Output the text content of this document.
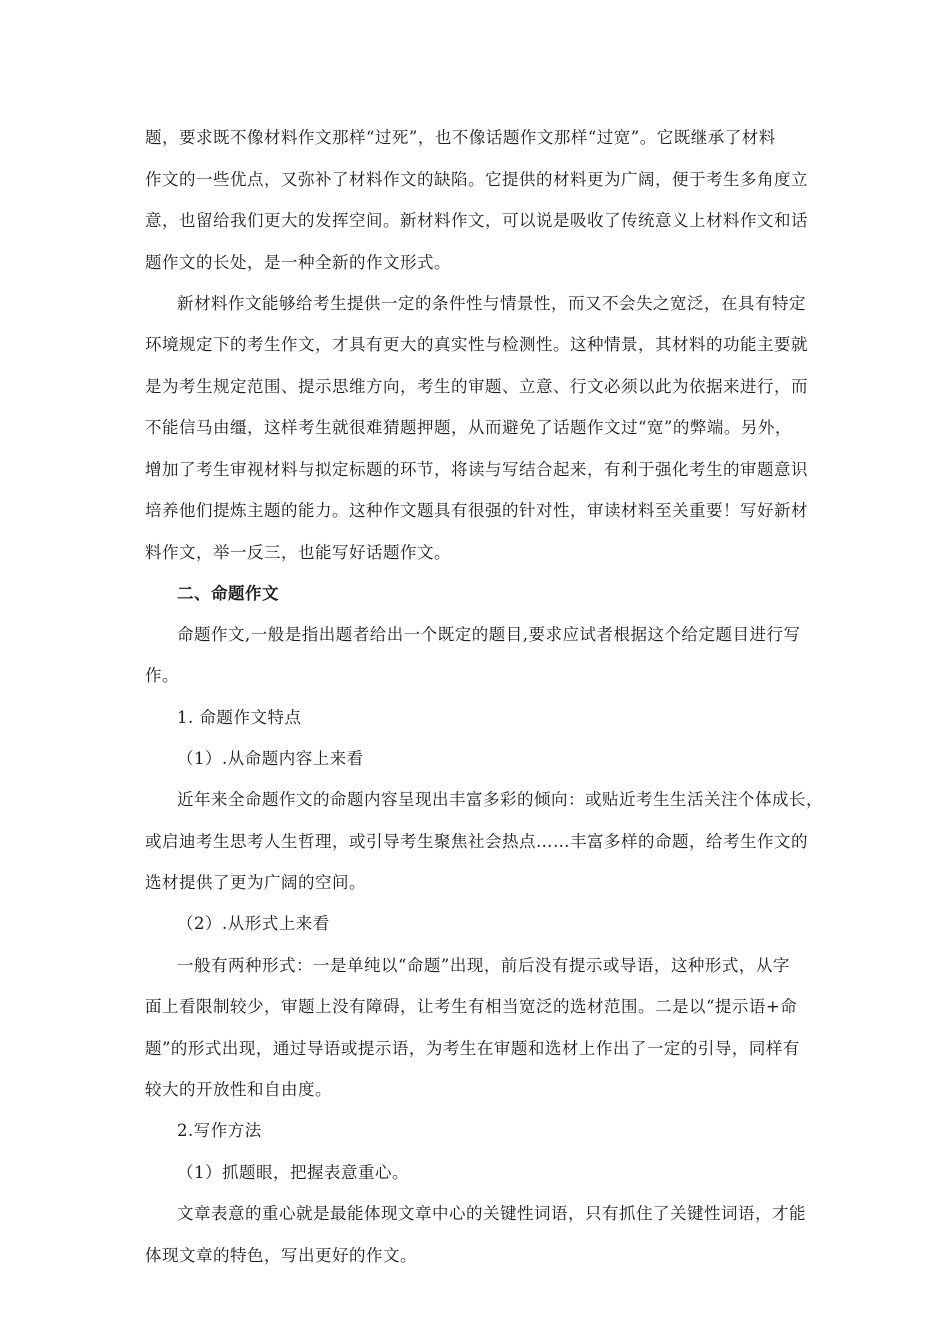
题，要求既不像材料作文那样“过死”，也不像话题作文那样“过宽”。它既继承了材料
作文的一些优点，又弥补了材料作文的缺陷。它提供的材料更为广阔，便于考生多角度立
意，也留给我们更大的发挥空间。新材料作文，可以说是吸收了传统意义上材料作文和话
题作文的长处，是一种全新的作文形式。
新材料作文能够给考生提供一定的条件性与情景性，而又不会失之宽泛，在具有特定
环境规定下的考生作文，才具有更大的真实性与检测性。这种情景，其材料的功能主要就
是为考生规定范围、提示思维方向，考生的审题、立意、行文必须以此为依据来进行，而
不能信马由缰，这样考生就很难猜题押题，从而避免了话题作文过“宽”的弊端。另外，
增加了考生审视材料与拟定标题的环节，将读与写结合起来，有利于强化考生的审题意识
培养他们提炼主题的能力。这种作文题具有很强的针对性，审读材料至关重要！写好新材
料作文，举一反三，也能写好话题作文。
二、命题作文
命题作文,一般是指出题者给出一个既定的题目,要求应试者根据这个给定题目进行写
作。
1. 命题作文特点
（1）.从命题内容上来看
近年来全命题作文的命题内容呈现出丰富多彩的倾向：或贴近考生生活关注个体成长，
或启迪考生思考人生哲理，或引导考生聚焦社会热点……丰富多样的命题，给考生作文的
选材提供了更为广阔的空间。
（2）.从形式上来看
一般有两种形式：一是单纯以“命题”出现，前后没有提示或导语，这种形式，从字
面上看限制较少，审题上没有障碍，让考生有相当宽泛的选材范围。二是以“提示语+命
题”的形式出现，通过导语或提示语，为考生在审题和选材上作出了一定的引导，同样有
较大的开放性和自由度。
2.写作方法
（1）抓题眼，把握表意重心。
文章表意的重心就是最能体现文章中心的关键性词语，只有抓住了关键性词语，才能
体现文章的特色，写出更好的作文。
